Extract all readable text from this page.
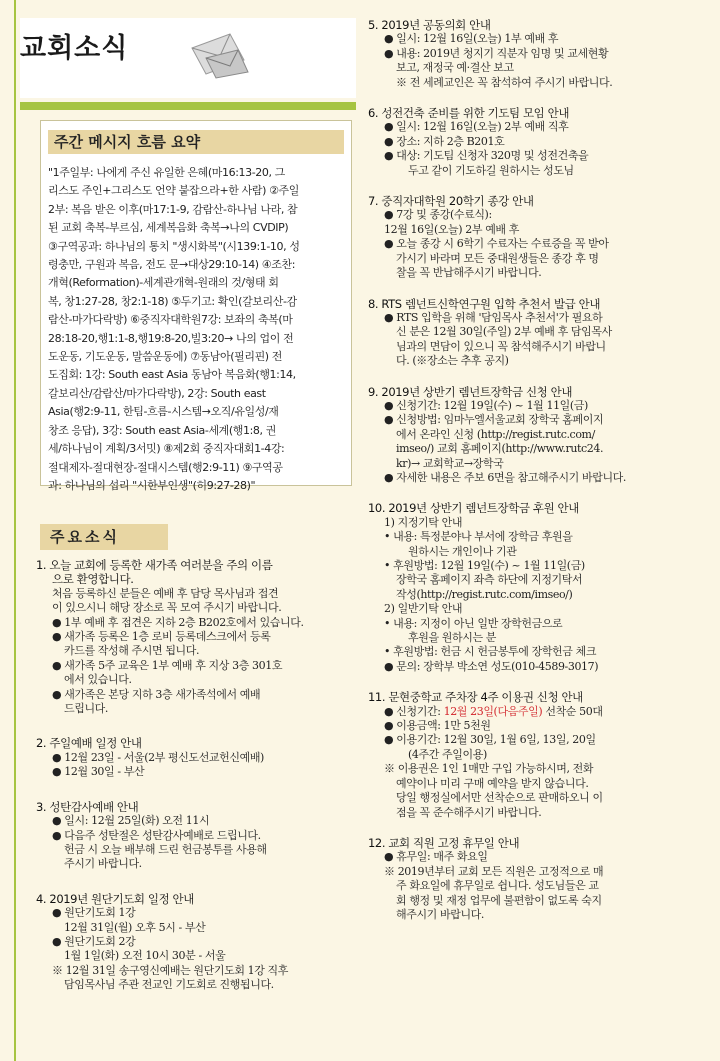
교회소식
주간 메시지 흐름 요약
"1주일부: 나에게 주신 유일한 은혜(마16:13-20, 그
리스도 주인+그리스도 언약 붙잡으라+한 사람) ②주일
2부: 복음 받은 이후(마17:1-9, 감람산-하나님 나라, 참
된 교회 축복-부르심, 세계복음화 축복→나의 CVDIP)
③구역공과: 하나님의 통치 "생시화복"(시139:1-10, 성
령충만, 구원과 복음, 전도 문→대상29:10-14) ④조찬:
개혁(Reformation)-세계관개혁-원래의 것/형태 회
복, 창1:27-28, 창2:1-18) ⑤두기고: 확인(갈보리산-감
람산-마가다락방) ⑥중직자대학원7강: 보좌의 축복(마
28:18-20,행1:1-8,행19:8-20,빌3:20→ 나의 업이 전
도운동, 기도운동, 말씀운동에) ⑦동남아(필리핀) 전
도집회: 1강: South east Asia 동남아 복음화(행1:14,
갈보리산/감람산/마가다락방), 2강: South east
Asia(행2:9-11, 한팀-흐름-시스템→오직/유일성/재
창조 응답), 3강: South east Asia-세계(행1:8, 권
세/하나님이 계획/3서밋) ⑧제2회 중직자대회1-4강:
절대제자-절대현장-절대시스템(행2:9-11) ⑨구역공
과: 하나님의 섭리 "시한부인생"(히9:27-28)"
주요소식
1. 오늘 교회에 등록한 새가족 여러분을 주의 이름
으로 환영합니다.
처음 등록하신 분들은 예배 후 담당 목사님과 접견
이 있으시니 해당 장소로 꼭 모여 주시기 바랍니다.
● 1부 예배 후 접견은 지하 2층 B202호에서 있습니다.
● 새가족 등록은 1층 로비 등록데스크에서 등록
카드를 작성해 주시면 됩니다.
● 새가족 5주 교육은 1부 예배 후 지상 3층 301호
에서 있습니다.
● 새가족은 본당 지하 3층 새가족석에서 예배
드립니다.
2. 주일예배 일정 안내
● 12월 23일 - 서울(2부 평신도선교헌신예배)
● 12월 30일 - 부산
3. 성탄감사예배 안내
● 일시: 12월 25일(화) 오전 11시
● 다음주 성탄절은 성탄감사예배로 드립니다.
헌금 시 오늘 배부해 드린 헌금봉투를 사용해
주시기 바랍니다.
4. 2019년 원단기도회 일정 안내
● 원단기도회 1강
12월 31일(월) 오후 5시 - 부산
● 원단기도회 2강
1월 1일(화) 오전 10시 30분 - 서울
※ 12월 31일 송구영신예배는 원단기도회 1강 직후
담임목사님 주관 전교인 기도회로 진행됩니다.
5. 2019년 공동의회 안내
● 일시: 12월 16일(오늘) 1부 예배 후
● 내용: 2019년 청지기 직분자 임명 및 교세현황
보고, 재정국 예·결산 보고
※ 전 세례교인은 꼭 참석하여 주시기 바랍니다.
6. 성전건축 준비를 위한 기도팀 모임 안내
● 일시: 12월 16일(오늘) 2부 예배 직후
● 장소: 지하 2층 B201호
● 대상: 기도팀 신청자 320명 및 성전건축을
두고 같이 기도하길 원하시는 성도님
7. 중직자대학원 20학기 종강 안내
● 7강 및 종강(수료식):
12월 16일(오늘) 2부 예배 후
● 오늘 종강 시 6학기 수료자는 수료증을 꼭 받아
가시기 바라며 모든 중대원생들은 종강 후 명
찰을 꼭 반납해주시기 바랍니다.
8. RTS 렘넌트신학연구원 입학 추천서 발급 안내
● RTS 입학을 위해 '담임목사 추천서'가 필요하
신 분은 12월 30일(주일) 2부 예배 후 담임목사
님과의 면담이 있으니 꼭 참석해주시기 바랍니
다. (※장소는 추후 공지)
9. 2019년 상반기 렘넌트장학금 신청 안내
● 신청기간: 12월 19일(수) ~ 1월 11일(금)
● 신청방법: 임마누엘서울교회 장학국 홈페이지
에서 온라인 신청 (http://regist.rutc.com/
imseo/) 교회 홈페이지(http://www.rutc24.
kr)→ 교회학교→장학국
● 자세한 내용은 주보 6면을 참고해주시기 바랍니다.
10. 2019년 상반기 렘넌트장학금 후원 안내
1) 지정기탁 안내
• 내용: 특정분야나 부서에 장학금 후원을
원하시는 개인이나 기관
• 후원방법: 12월 19일(수) ~ 1월 11일(금)
장학국 홈페이지 좌측 하단에 지정기탁서
작성(http://regist.rutc.com/imseo/)
2) 일반기탁 안내
• 내용: 지정이 아닌 일반 장학헌금으로
후원을 원하시는 분
• 후원방법: 헌금 시 헌금봉투에 장학헌금 체크
● 문의: 장학부 박소연 성도(010-4589-3017)
11. 문현중학교 주차장 4주 이용권 신청 안내
● 신청기간: 12월 23일(다음주일) 선착순 50대
● 이용금액: 1만 5천원
● 이용기간: 12월 30일, 1월 6일, 13일, 20일
(4주간 주일이용)
※ 이용권은 1인 1매만 구입 가능하시며, 전화
예약이나 미리 구매 예약을 받지 않습니다.
당일 행정실에서만 선착순으로 판매하오니 이
점을 꼭 준수해주시기 바랍니다.
12. 교회 직원 고정 휴무일 안내
● 휴무일: 매주 화요일
※ 2019년부터 교회 모든 직원은 고정적으로 매
주 화요일에 휴무일로 쉽니다. 성도님들은 교
회 행정 및 재정 업무에 불편함이 없도록 숙지
해주시기 바랍니다.
